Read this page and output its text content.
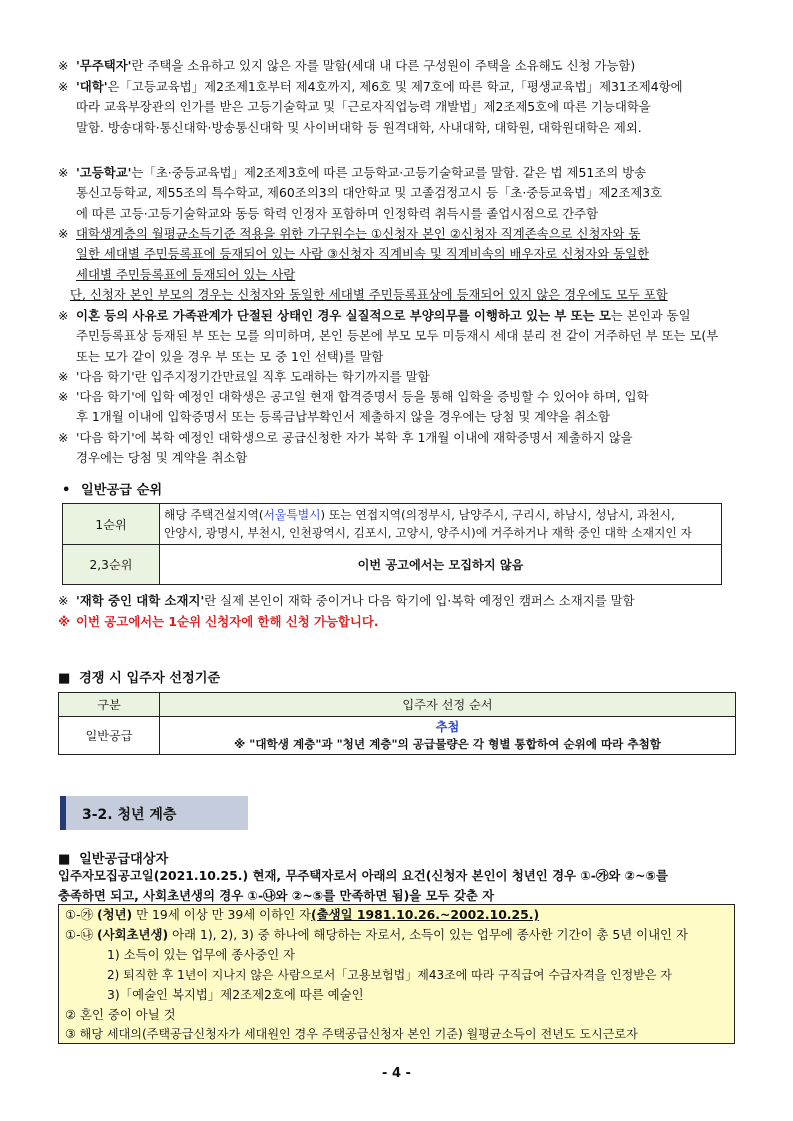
※ '무주택자'란 주택을 소유하고 있지 않은 자를 말함(세대 내 다른 구성원이 주택을 소유해도 신청 가능함)
※ '대학'은「고등교육법」제2조제1호부터 제4호까지, 제6호 및 제7호에 따른 학교,「평생교육법」제31조제4항에
따라 교육부장관의 인가를 받은 고등기술학교 및「근로자직업능력 개발법」제2조제5호에 따른 기능대학을
말함. 방송대학·통신대학·방송통신대학 및 사이버대학 등 원격대학, 사내대학, 대학원, 대학원대학은 제외.
※ '고등학교'는「초·중등교육법」제2조제3호에 따른 고등학교·고등기술학교를 말함. 같은 법 제51조의 방송
통신고등학교, 제55조의 특수학교, 제60조의3의 대안학교 및 고졸검정고시 등「초·중등교육법」제2조제3호
에 따른 고등·고등기술학교와 동등 학력 인정자 포함하며 인정학력 취득시를 졸업시점으로 간주함
※ 대학생계층의 월평균소득기준 적용을 위한 가구원수는 ①신청자 본인 ②신청자 직계존속으로 신청자와 동
일한 세대별 주민등록표에 등재되어 있는 사람 ③신청자 직계비속 및 직계비속의 배우자로 신청자와 동일한
세대별 주민등록표에 등재되어 있는 사람
단, 신청자 본인 부모의 경우는 신청자와 동일한 세대별 주민등록표상에 등재되어 있지 않은 경우에도 모두 포함
※ 이혼 등의 사유로 가족관계가 단절된 상태인 경우 실질적으로 부양의무를 이행하고 있는 부 또는 모는 본인과 동일
주민등록표상 등재된 부 또는 모를 의미하며, 본인 등본에 부모 모두 미등재시 세대 분리 전 같이 거주하던 부 또는 모(부
또는 모가 같이 있을 경우 부 또는 모 중 1인 선택)를 말함
※ '다음 학기'란 입주지정기간만료일 직후 도래하는 학기까지를 말함
※ '다음 학기'에 입학 예정인 대학생은 공고일 현재 합격증명서 등을 통해 입학을 증빙할 수 있어야 하며, 입학
후 1개월 이내에 입학증명서 또는 등록금납부확인서 제출하지 않을 경우에는 당첨 및 계약을 취소함
※ '다음 학기'에 복학 예정인 대학생으로 공급신청한 자가 복학 후 1개월 이내에 재학증명서 제출하지 않을
경우에는 당첨 및 계약을 취소함
• 일반공급 순위
1순위	해당 주택건설지역(서울특별시) 또는 연접지역(의정부시, 남양주시, 구리시, 하남시, 성남시, 과천시,
안양시, 광명시, 부천시, 인천광역시, 김포시, 고양시, 양주시)에 거주하거나 재학 중인 대학 소재지인 자

2,3순위	이번 공고에서는 모집하지 않음
※ '재학 중인 대학 소재지'란 실제 본인이 재학 중이거나 다음 학기에 입·복학 예정인 캠퍼스 소재지를 말함
※ 이번 공고에서는 1순위 신청자에 한해 신청 가능합니다.
■ 경쟁 시 입주자 선정기준
구분	입주자 선정 순서
일반공급	추첨
※ "대학생 계층"과 "청년 계층"의 공급물량은 각 형별 통합하여 순위에 따라 추첨함
3-2. 청년 계층
■ 일반공급대상자
입주자모집공고일(2021.10.25.) 현재, 무주택자로서 아래의 요건(신청자 본인이 청년인 경우 ①-㉮와 ②~⑤를
충족하면 되고, 사회초년생의 경우 ①-㉯와 ②~⑤를 만족하면 됨)을 모두 갖춘 자
①-㉮ (청년) 만 19세 이상 만 39세 이하인 자(출생일 1981.10.26.~2002.10.25.)
①-㉯ (사회초년생) 아래 1), 2), 3) 중 하나에 해당하는 자로서, 소득이 있는 업무에 종사한 기간이 총 5년 이내인 자
1) 소득이 있는 업무에 종사중인 자
2) 퇴직한 후 1년이 지나지 않은 사람으로서「고용보험법」제43조에 따라 구직급여 수급자격을 인정받은 자
3)「예술인 복지법」제2조제2호에 따른 예술인
② 혼인 중이 아닐 것
③ 해당 세대의(주택공급신청자가 세대원인 경우 주택공급신청자 본인 기준) 월평균소득이 전년도 도시근로자
- 4 -
